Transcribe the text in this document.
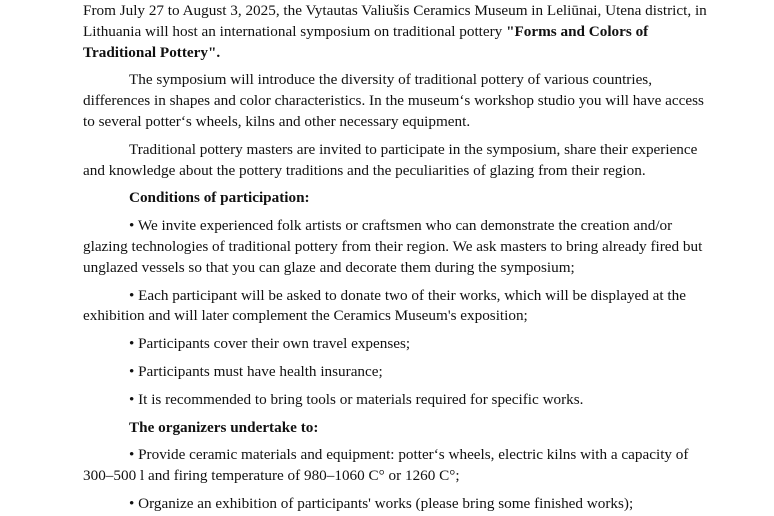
From July 27 to August 3, 2025, the Vytautas Valiušis Ceramics Museum in Leliūnai, Utena district, in Lithuania will host an international symposium on traditional pottery "Forms and Colors of Traditional Pottery".

The symposium will introduce the diversity of traditional pottery of various countries, differences in shapes and color characteristics. In the museum‘s workshop studio you will have access to several potter‘s wheels, kilns and other necessary equipment.

Traditional pottery masters are invited to participate in the symposium, share their experience and knowledge about the pottery traditions and the peculiarities of glazing from their region.

Conditions of participation:

• We invite experienced folk artists or craftsmen who can demonstrate the creation and/or glazing technologies of traditional pottery from their region. We ask masters to bring already fired but unglazed vessels so that you can glaze and decorate them during the symposium;

• Each participant will be asked to donate two of their works, which will be displayed at the exhibition and will later complement the Ceramics Museum's exposition;

• Participants cover their own travel expenses;

• Participants must have health insurance;

• It is recommended to bring tools or materials required for specific works.

The organizers undertake to:

• Provide ceramic materials and equipment: potter‘s wheels, electric kilns with a capacity of 300–500 l and firing temperature of 980–1060 C° or 1260 C°;

• Organize an exhibition of participants' works (please bring some finished works);
